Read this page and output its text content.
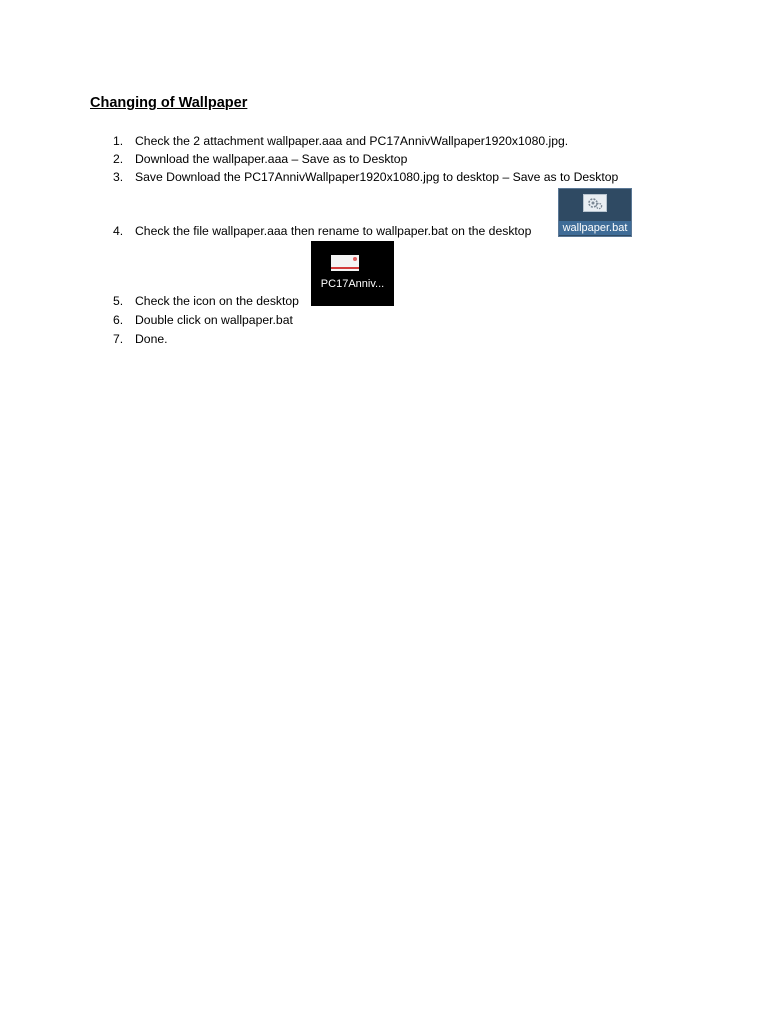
Changing of Wallpaper
1. Check the 2 attachment wallpaper.aaa and PC17AnnivWallpaper1920x1080.jpg.
2. Download the wallpaper.aaa – Save as to Desktop
3. Save Download the PC17AnnivWallpaper1920x1080.jpg to desktop – Save as to Desktop
4. Check the file wallpaper.aaa then rename to wallpaper.bat on the desktop	wallpaper.bat
PC17Anniv...
5. Check the icon on the desktop
6. Double click on wallpaper.bat
7. Done.
